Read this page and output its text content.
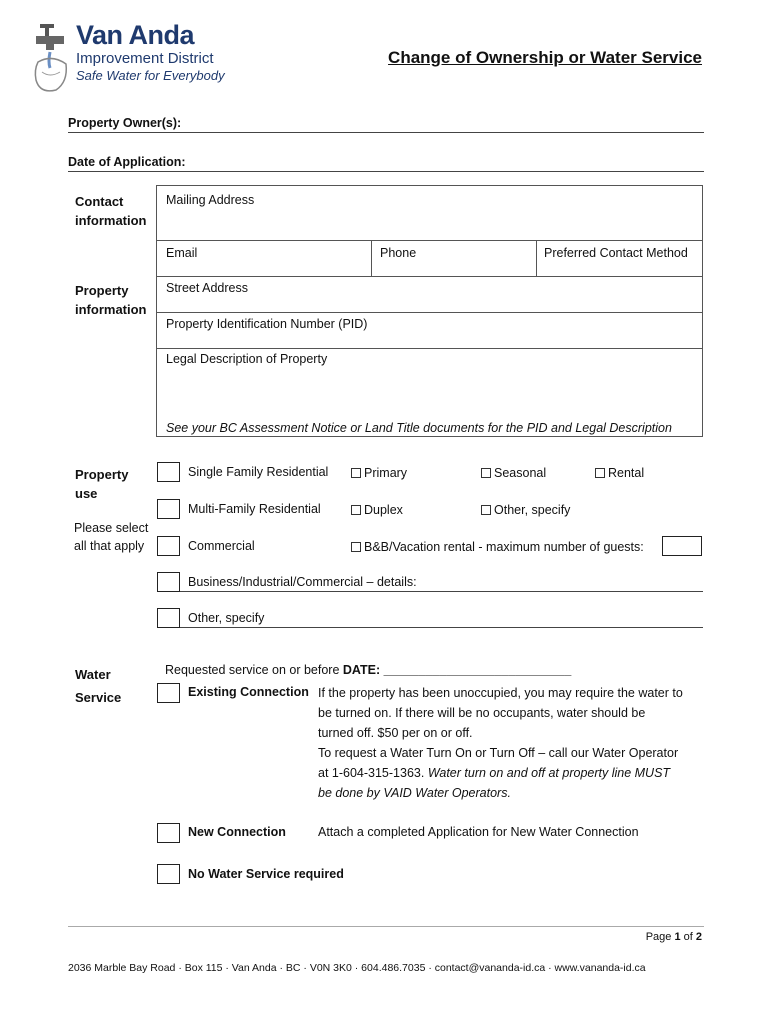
Van Anda
Improvement District
Safe Water for Everybody
Change of Ownership or Water Service
Property Owner(s):
Date of Application:
Contact
information
Mailing Address
Email	Phone	Preferred Contact Method
Property
information
Street Address
Property Identification Number (PID)
Legal Description of Property
See your BC Assessment Notice or Land Title documents for the PID and Legal Description
Property
use
Please select
all that apply
Single Family Residential	Primary	Seasonal	Rental
Multi-Family Residential	Duplex	Other, specify
Commercial	B&B/Vacation rental - maximum number of guests:
Business/Industrial/Commercial – details:
Other, specify
Water
Service
Requested service on or before DATE: ___________________________
Existing Connection If the property has been unoccupied, you may require the water to
be turned on. If there will be no occupants, water should be
turned off. $50 per on or off.
To request a Water Turn On or Turn Off – call our Water Operator
at 1-604-315-1363. Water turn on and off at property line MUST
be done by VAID Water Operators.
New Connection	Attach a completed Application for New Water Connection
No Water Service required
Page 1 of 2
2036 Marble Bay Road · Box 115 · Van Anda · BC · V0N 3K0 · 604.486.7035 · contact@vananda-id.ca · www.vananda-id.ca
